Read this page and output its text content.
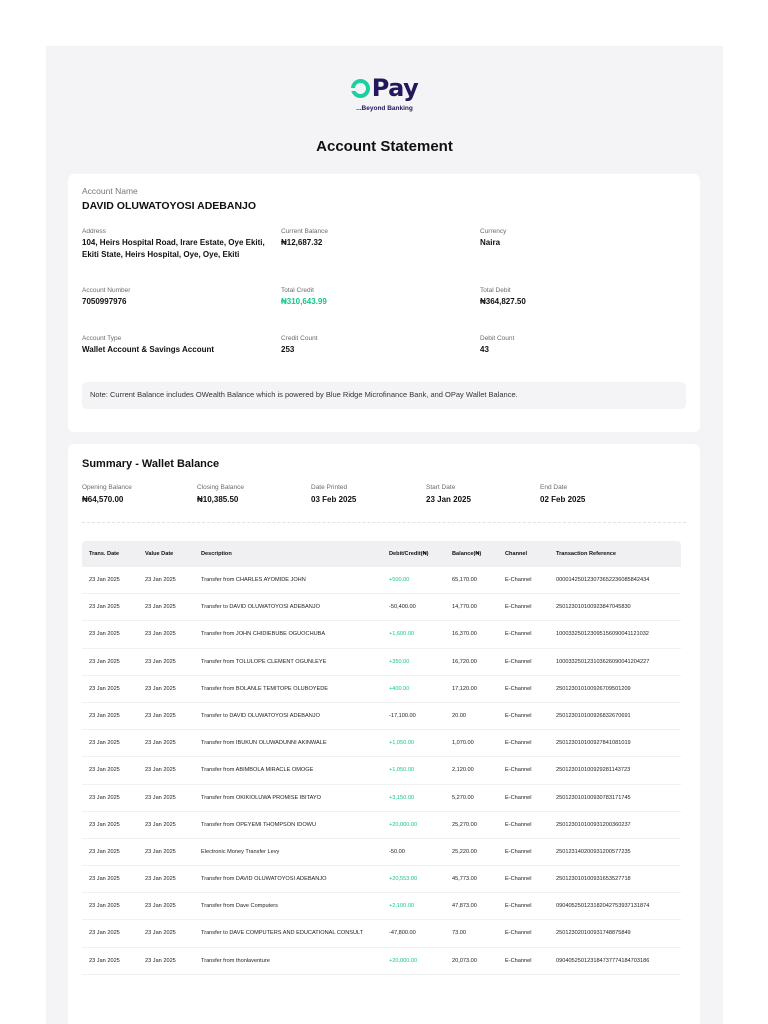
Pay
...Beyond Banking
Account Statement
Account Name
DAVID OLUWATOYOSI ADEBANJO
Address
104, Heirs Hospital Road, Irare Estate, Oye Ekiti,
Ekiti State, Heirs Hospital, Oye, Oye, Ekiti
Current Balance
₦12,687.32
Currency
Naira
Account Number
7050997976
Total Credit
₦310,643.99
Total Debit
₦364,827.50
Account Type
Wallet Account & Savings Account
Credit Count
253
Debit Count
43
Note: Current Balance includes OWealth Balance which is powered by Blue Ridge Microfinance Bank, and OPay Wallet Balance.
Summary - Wallet Balance
Opening Balance
₦64,570.00
Closing Balance
₦10,385.50
Date Printed
03 Feb 2025
Start Date
23 Jan 2025
End Date
02 Feb 2025
Trans. Date	Value Date	Description	Debit/Credit(₦)	Balance(₦)	Channel	Transaction Reference
23 Jan 2025	23 Jan 2025	Transfer from CHARLES AYOMIDE JOHN	+500.00	65,170.00	E-Channel	000014250123073652236085842434
23 Jan 2025	23 Jan 2025	Transfer to DAVID OLUWATOYOSI ADEBANJO	-50,400.00	14,770.00	E-Channel	250123010100923847045830
23 Jan 2025	23 Jan 2025	Transfer from JOHN CHIDIEBUBE OGUOCHUBA	+1,600.00	16,370.00	E-Channel	100033250123095156090041121032
23 Jan 2025	23 Jan 2025	Transfer from TOLULOPE CLEMENT OGUNLEYE	+350.00	16,720.00	E-Channel	100033250123103626090041204227
23 Jan 2025	23 Jan 2025	Transfer from BOLANLE TEMITOPE OLUBOYEDE	+400.00	17,120.00	E-Channel	250123010100926709501209
23 Jan 2025	23 Jan 2025	Transfer to DAVID OLUWATOYOSI ADEBANJO	-17,100.00	20.00	E-Channel	250123010100926832670691
23 Jan 2025	23 Jan 2025	Transfer from IBUKUN OLUWADUNNI AKINWALE	+1,050.00	1,070.00	E-Channel	250123010100927841081019
23 Jan 2025	23 Jan 2025	Transfer from ABIMBOLA MIRACLE OMOGE	+1,050.00	2,120.00	E-Channel	250123010100929281143723
23 Jan 2025	23 Jan 2025	Transfer from OKIKIOLUWA PROMISE IBITAYO	+3,150.00	5,270.00	E-Channel	250123010100930783171745
23 Jan 2025	23 Jan 2025	Transfer from OPEYEMI THOMPSON IDOWU	+20,000.00	25,270.00	E-Channel	250123010100931200360237
23 Jan 2025	23 Jan 2025	Electronic Money Transfer Levy	-50.00	25,220.00	E-Channel	250123140200931200577235
23 Jan 2025	23 Jan 2025	Transfer from DAVID OLUWATOYOSI ADEBANJO	+20,553.00	45,773.00	E-Channel	250123010100931653527718
23 Jan 2025	23 Jan 2025	Transfer from Dave Computers	+2,100.00	47,873.00	E-Channel	090405250123182042753937131874
23 Jan 2025	23 Jan 2025	Transfer to DAVE COMPUTERS AND EDUCATIONAL CONSULT	-47,800.00	73.00	E-Channel	250123020100931748875849
23 Jan 2025	23 Jan 2025	Transfer from thonlaventure	+20,000.00	20,073.00	E-Channel	090405250123184737774184703186
